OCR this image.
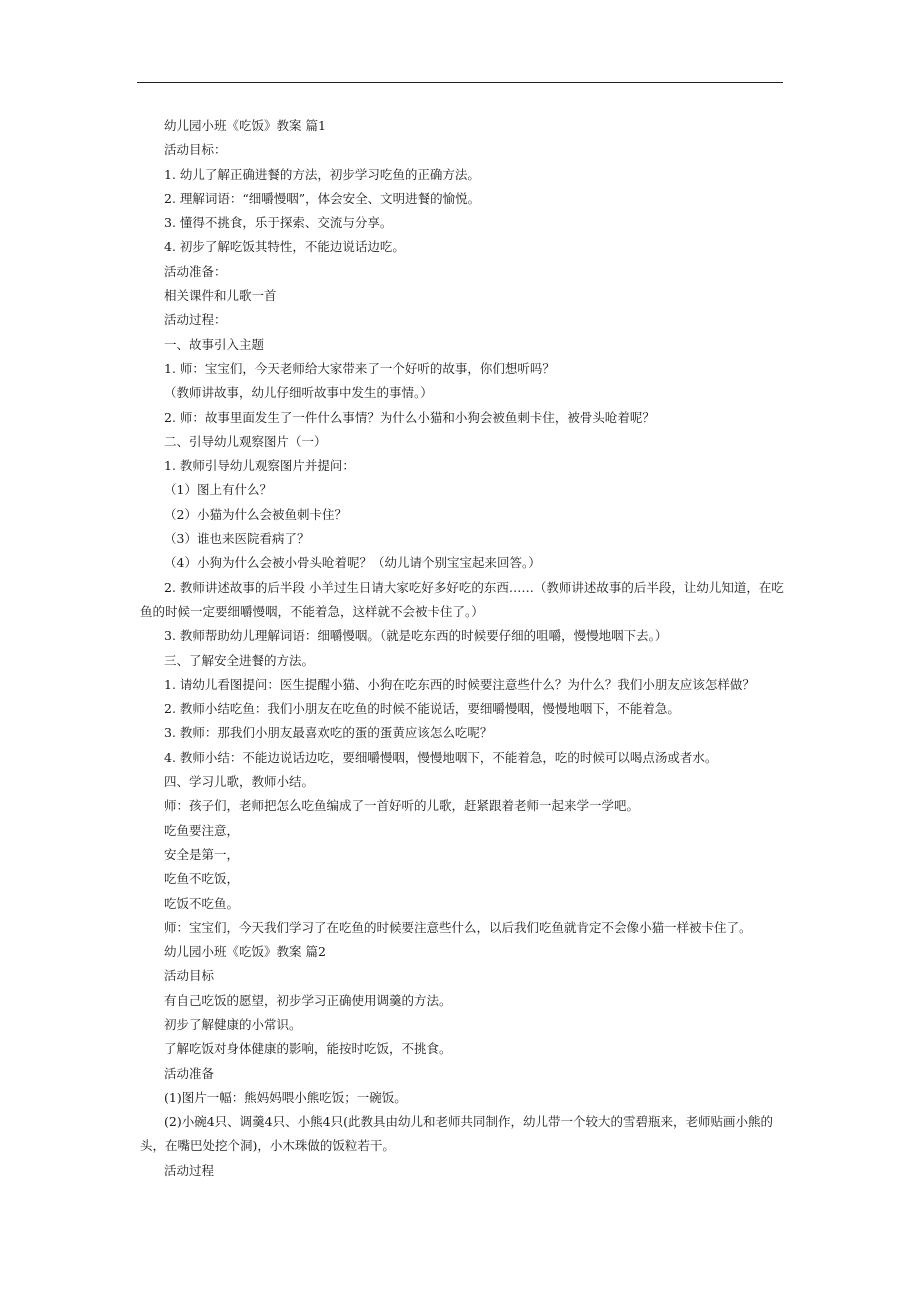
幼儿园小班《吃饭》教案 篇1
活动目标：
1. 幼儿了解正确进餐的方法，初步学习吃鱼的正确方法。
2. 理解词语：“细嚼慢咽”，体会安全、文明进餐的愉悦。
3. 懂得不挑食，乐于探索、交流与分享。
4. 初步了解吃饭其特性，不能边说话边吃。
活动准备：
相关课件和儿歌一首
活动过程：
一、故事引入主题
1. 师：宝宝们，今天老师给大家带来了一个好听的故事，你们想听吗？
（教师讲故事，幼儿仔细听故事中发生的事情。）
2. 师：故事里面发生了一件什么事情？为什么小猫和小狗会被鱼刺卡住，被骨头呛着呢？
二、引导幼儿观察图片（一）
1. 教师引导幼儿观察图片并提问：
（1）图上有什么？
（2）小猫为什么会被鱼刺卡住？
（3）谁也来医院看病了？
（4）小狗为什么会被小骨头呛着呢？（幼儿请个别宝宝起来回答。）
2. 教师讲述故事的后半段 小羊过生日请大家吃好多好吃的东西……（教师讲述故事的后半段，让幼儿知道，在吃鱼的时候一定要细嚼慢咽，不能着急，这样就不会被卡住了。）
3. 教师帮助幼儿理解词语：细嚼慢咽。（就是吃东西的时候要仔细的咀嚼，慢慢地咽下去。）
三、了解安全进餐的方法。
1. 请幼儿看图提问：医生提醒小猫、小狗在吃东西的时候要注意些什么？为什么？我们小朋友应该怎样做？
2. 教师小结吃鱼：我们小朋友在吃鱼的时候不能说话，要细嚼慢咽，慢慢地咽下，不能着急。
3. 教师：那我们小朋友最喜欢吃的蛋的蛋黄应该怎么吃呢？
4. 教师小结：不能边说话边吃，要细嚼慢咽，慢慢地咽下，不能着急，吃的时候可以喝点汤或者水。
四、学习儿歌，教师小结。
师：孩子们，老师把怎么吃鱼编成了一首好听的儿歌，赶紧跟着老师一起来学一学吧。
吃鱼要注意，
安全是第一，
吃鱼不吃饭，
吃饭不吃鱼。
师：宝宝们，今天我们学习了在吃鱼的时候要注意些什么，以后我们吃鱼就肯定不会像小猫一样被卡住了。
幼儿园小班《吃饭》教案 篇2
活动目标
有自己吃饭的愿望，初步学习正确使用调羹的方法。
初步了解健康的小常识。
了解吃饭对身体健康的影响，能按时吃饭，不挑食。
活动准备
(1)图片一幅：熊妈妈喂小熊吃饭；一碗饭。
(2)小碗4只、调羹4只、小熊4只(此教具由幼儿和老师共同制作，幼儿带一个较大的雪碧瓶来，老师贴画小熊的头，在嘴巴处挖个洞)，小木珠做的饭粒若干。
活动过程
